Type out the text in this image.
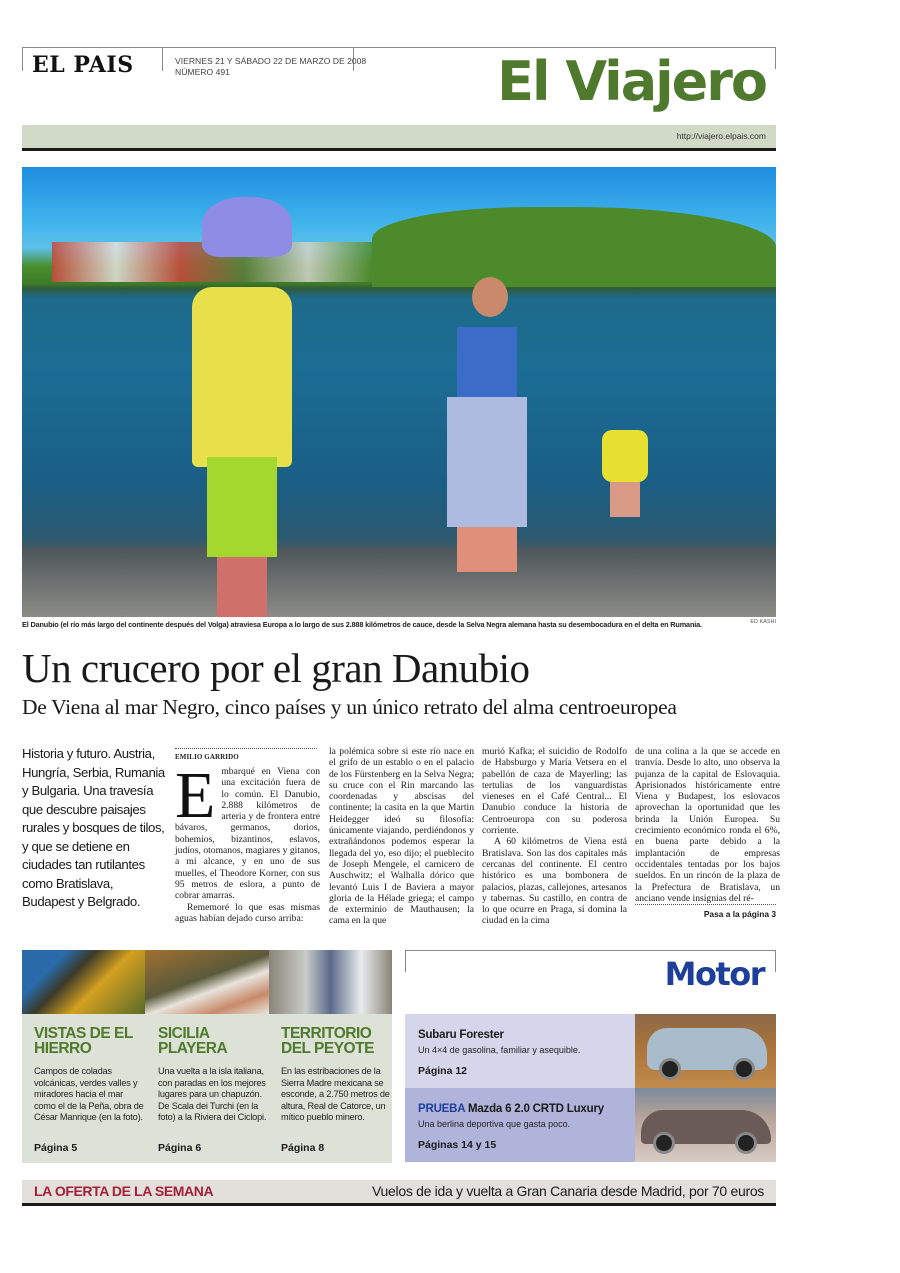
EL PAIS	VIERNES 21 Y SÁBADO 22 DE MARZO DE 2008
NÚMERO 491	El Viajero
http://viajero.elpais.com
El Danubio (el río más largo del continente después del Volga) atraviesa Europa a lo largo de sus 2.888 kilómetros de cauce, desde la Selva Negra alemana hasta su desembocadura en el delta en Rumania.	ED KASHI
Un crucero por el gran Danubio
De Viena al mar Negro, cinco países y un único retrato del alma centroeuropea
Historia y futuro. Austria, Hungría, Serbia, Rumania y Bulgaria. Una travesía que descubre paisajes rurales y bosques de tilos, y que se detiene en ciudades tan rutilantes como Bratislava, Budapest y Belgrado.
EMILIO GARRIDO
E mbarqué en Viena con una excitación fuera de lo común. El Danubio, 2.888 kilómetros de arteria y de frontera entre bávaros, germanos, dorios, bohemios, bizantinos, eslavos, judíos, otomanos, magiares y gitanos, a mi alcance, y en uno de sus muelles, el Theodore Korner, con sus 95 metros de eslora, a punto de cobrar amarras.

Rememoré lo que esas mismas aguas habían dejado curso arriba:

la polémica sobre si este río nace en el grifo de un establo o en el palacio de los Fürstenberg en la Selva Negra; su cruce con el Rin marcando las coordenadas y abscisas del continente; la casita en la que Martin Heidegger ideó su filosofía: únicamente viajando, perdiéndonos y extrañándonos podemos esperar la llegada del yo, eso dijo; el pueblecito de Joseph Mengele, el carnicero de Auschwitz; el Walhalla dórico que levantó Luis I de Baviera a mayor gloria de la Hélade griega; el campo de exterminio de Mauthausen; la cama en la que

murió Kafka; el suicidio de Rodolfo de Habsburgo y María Vetsera en el pabellón de caza de Mayerling; las tertulias de los vanguardistas vieneses en el Café Central... El Danubio conduce la historia de Centroeuropa con su poderosa corriente.

A 60 kilómetros de Viena está Bratislava. Son las dos capitales más cercanas del continente. El centro histórico es una bombonera de palacios, plazas, callejones, artesanos y tabernas. Su castillo, en contra de lo que ocurre en Praga, sí domina la ciudad en la cima

de una colina a la que se accede en tranvía. Desde lo alto, uno observa la pujanza de la capital de Eslovaquia. Aprisionados históricamente entre Viena y Budapest, los eslovacos aprovechan la oportunidad que les brinda la Unión Europea. Su crecimiento económico ronda el 6%, en buena parte debido a la implantación de empresas occidentales tentadas por los bajos sueldos. En un rincón de la plaza de la Prefectura de Bratislava, un anciano vende insignias del ré-

Pasa a la página 3
VISTAS DE EL HIERRO
Campos de coladas volcánicas, verdes valles y miradores hacia el mar como el de la Peña, obra de César Manrique (en la foto).
Página 5
SICILIA PLAYERA
Una vuelta a la isla italiana, con paradas en los mejores lugares para un chapuzón. De Scala dei Turchi (en la foto) a la Riviera dei Ciclopi.
Página 6
TERRITORIO DEL PEYOTE
En las estribaciones de la Sierra Madre mexicana se esconde, a 2.750 metros de altura, Real de Catorce, un mítico pueblo minero.
Página 8
Motor
Subaru Forester
Un 4×4 de gasolina, familiar y asequible.
Página 12
PRUEBA Mazda 6 2.0 CRTD Luxury
Una berlina deportiva que gasta poco.
Páginas 14 y 15
LA OFERTA DE LA SEMANA	Vuelos de ida y vuelta a Gran Canaria desde Madrid, por 70 euros
